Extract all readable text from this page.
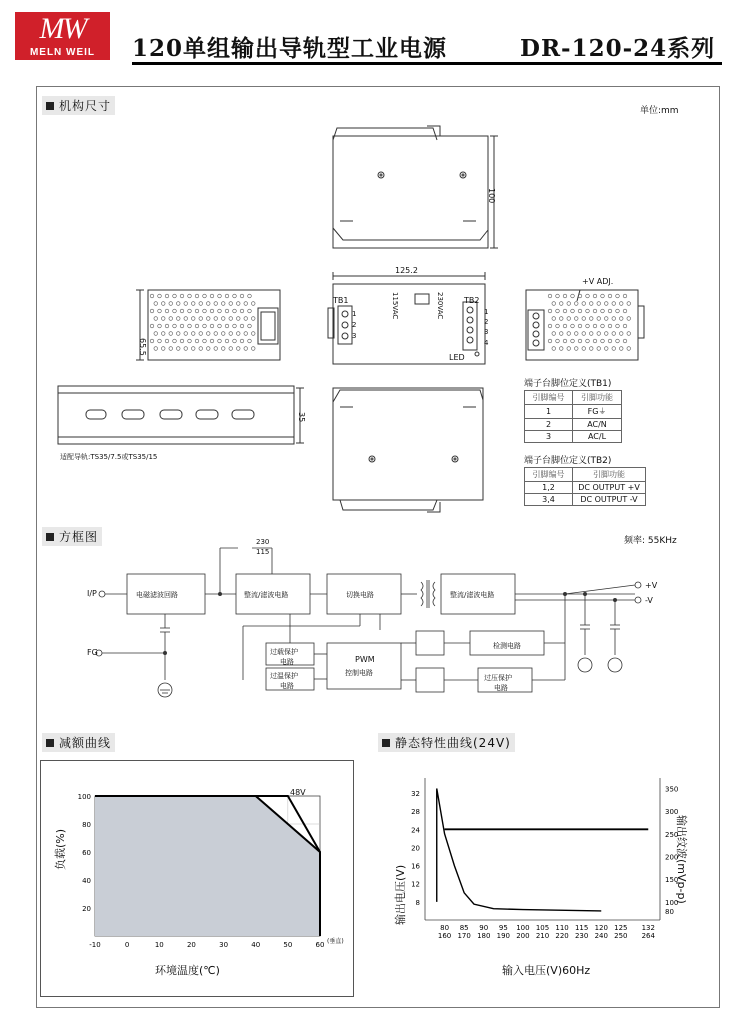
MW
MELN WEIL	120单组输出导轨型工业电源	DR-120-24系列
机构尺寸	单位:mm
100
125.2
65.5
35
TB1
1
2
3
TB2
1
2
3
4
115VAC	230VAC
LED
+V ADJ.
适配导轨:TS35/7.5或TS35/15
端子台脚位定义(TB1)
引脚编号	引脚功能
1	FG⏚
2	AC/N
3	AC/L
端子台脚位定义(TB2)
引脚编号	引脚功能
1,2	DC OUTPUT +V
3,4	DC OUTPUT -V
方框图	频率: 55KHz
I/P
FG
230
115
电磁滤波回路	整流/滤波电路	切换电路	整流/滤波电路
过载保护
电路
过温保护
电路
PWM
控制电路
检测电路
过压保护
电路
+V
-V
减额曲线
负载(%)
环境温度(℃)
(垂直)
48V
-10	0	10	20	30	40	50	60
20
40
60
80
100
静态特性曲线(24V)
输出电压(V)	输出纹波(mVp-p)
输入电压(V)60Hz
8
12
16
20
24
28
32
80
100
150
200
250
300
350
80 85 90 95 100 105 110 115 120 125 132
160 170 180 190 200 210 220 230 240 250 264
